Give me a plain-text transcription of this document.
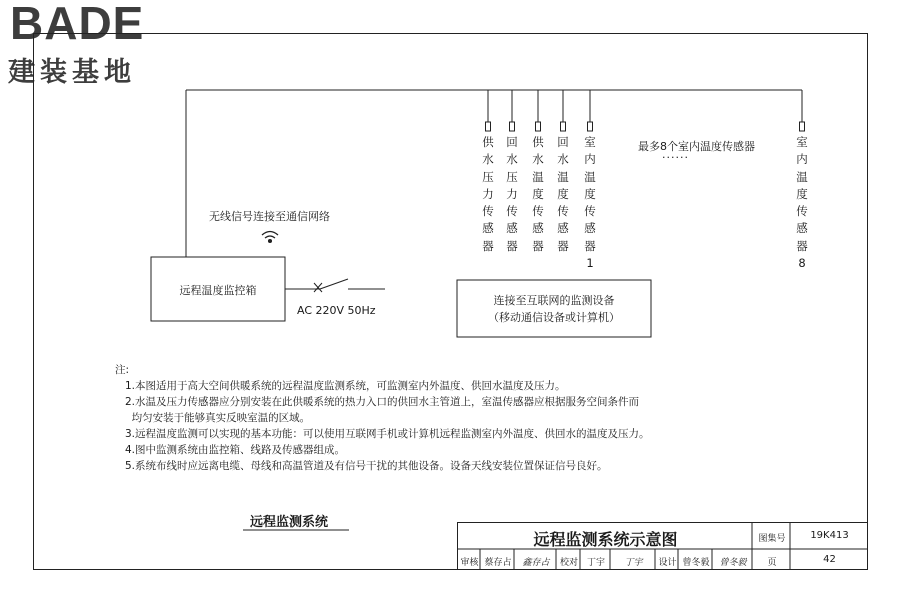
BADE
建装基地
无线信号连接至通信网络
远程温度监控箱
AC 220V 50Hz
连接至互联网的监测设备
（移动通信设备或计算机）
最多8个室内温度传感器
······
供水压力传感器
回水压力传感器
供水温度传感器
回水温度传感器
室内温度传感器1
室内温度传感器8
注:
1.本图适用于高大空间供暖系统的远程温度监测系统，可监测室内外温度、供回水温度及压力。
2.水温及压力传感器应分别安装在此供暖系统的热力入口的供回水主管道上，室温传感器应根据服务空间条件而
均匀安装于能够真实反映室温的区域。
3.远程温度监测可以实现的基本功能：可以使用互联网手机或计算机远程监测室内外温度、供回水的温度及压力。
4.图中监测系统由监控箱、线路及传感器组成。
5.系统布线时应远离电缆、母线和高温管道及有信号干扰的其他设备。设备天线安装位置保证信号良好。
远程监测系统
远程监测系统示意图	图集号	19K413
审核 蔡存占	鑫存占	校对 丁宇	丁宇	设计 曾冬毅	曾冬毅	页	42
